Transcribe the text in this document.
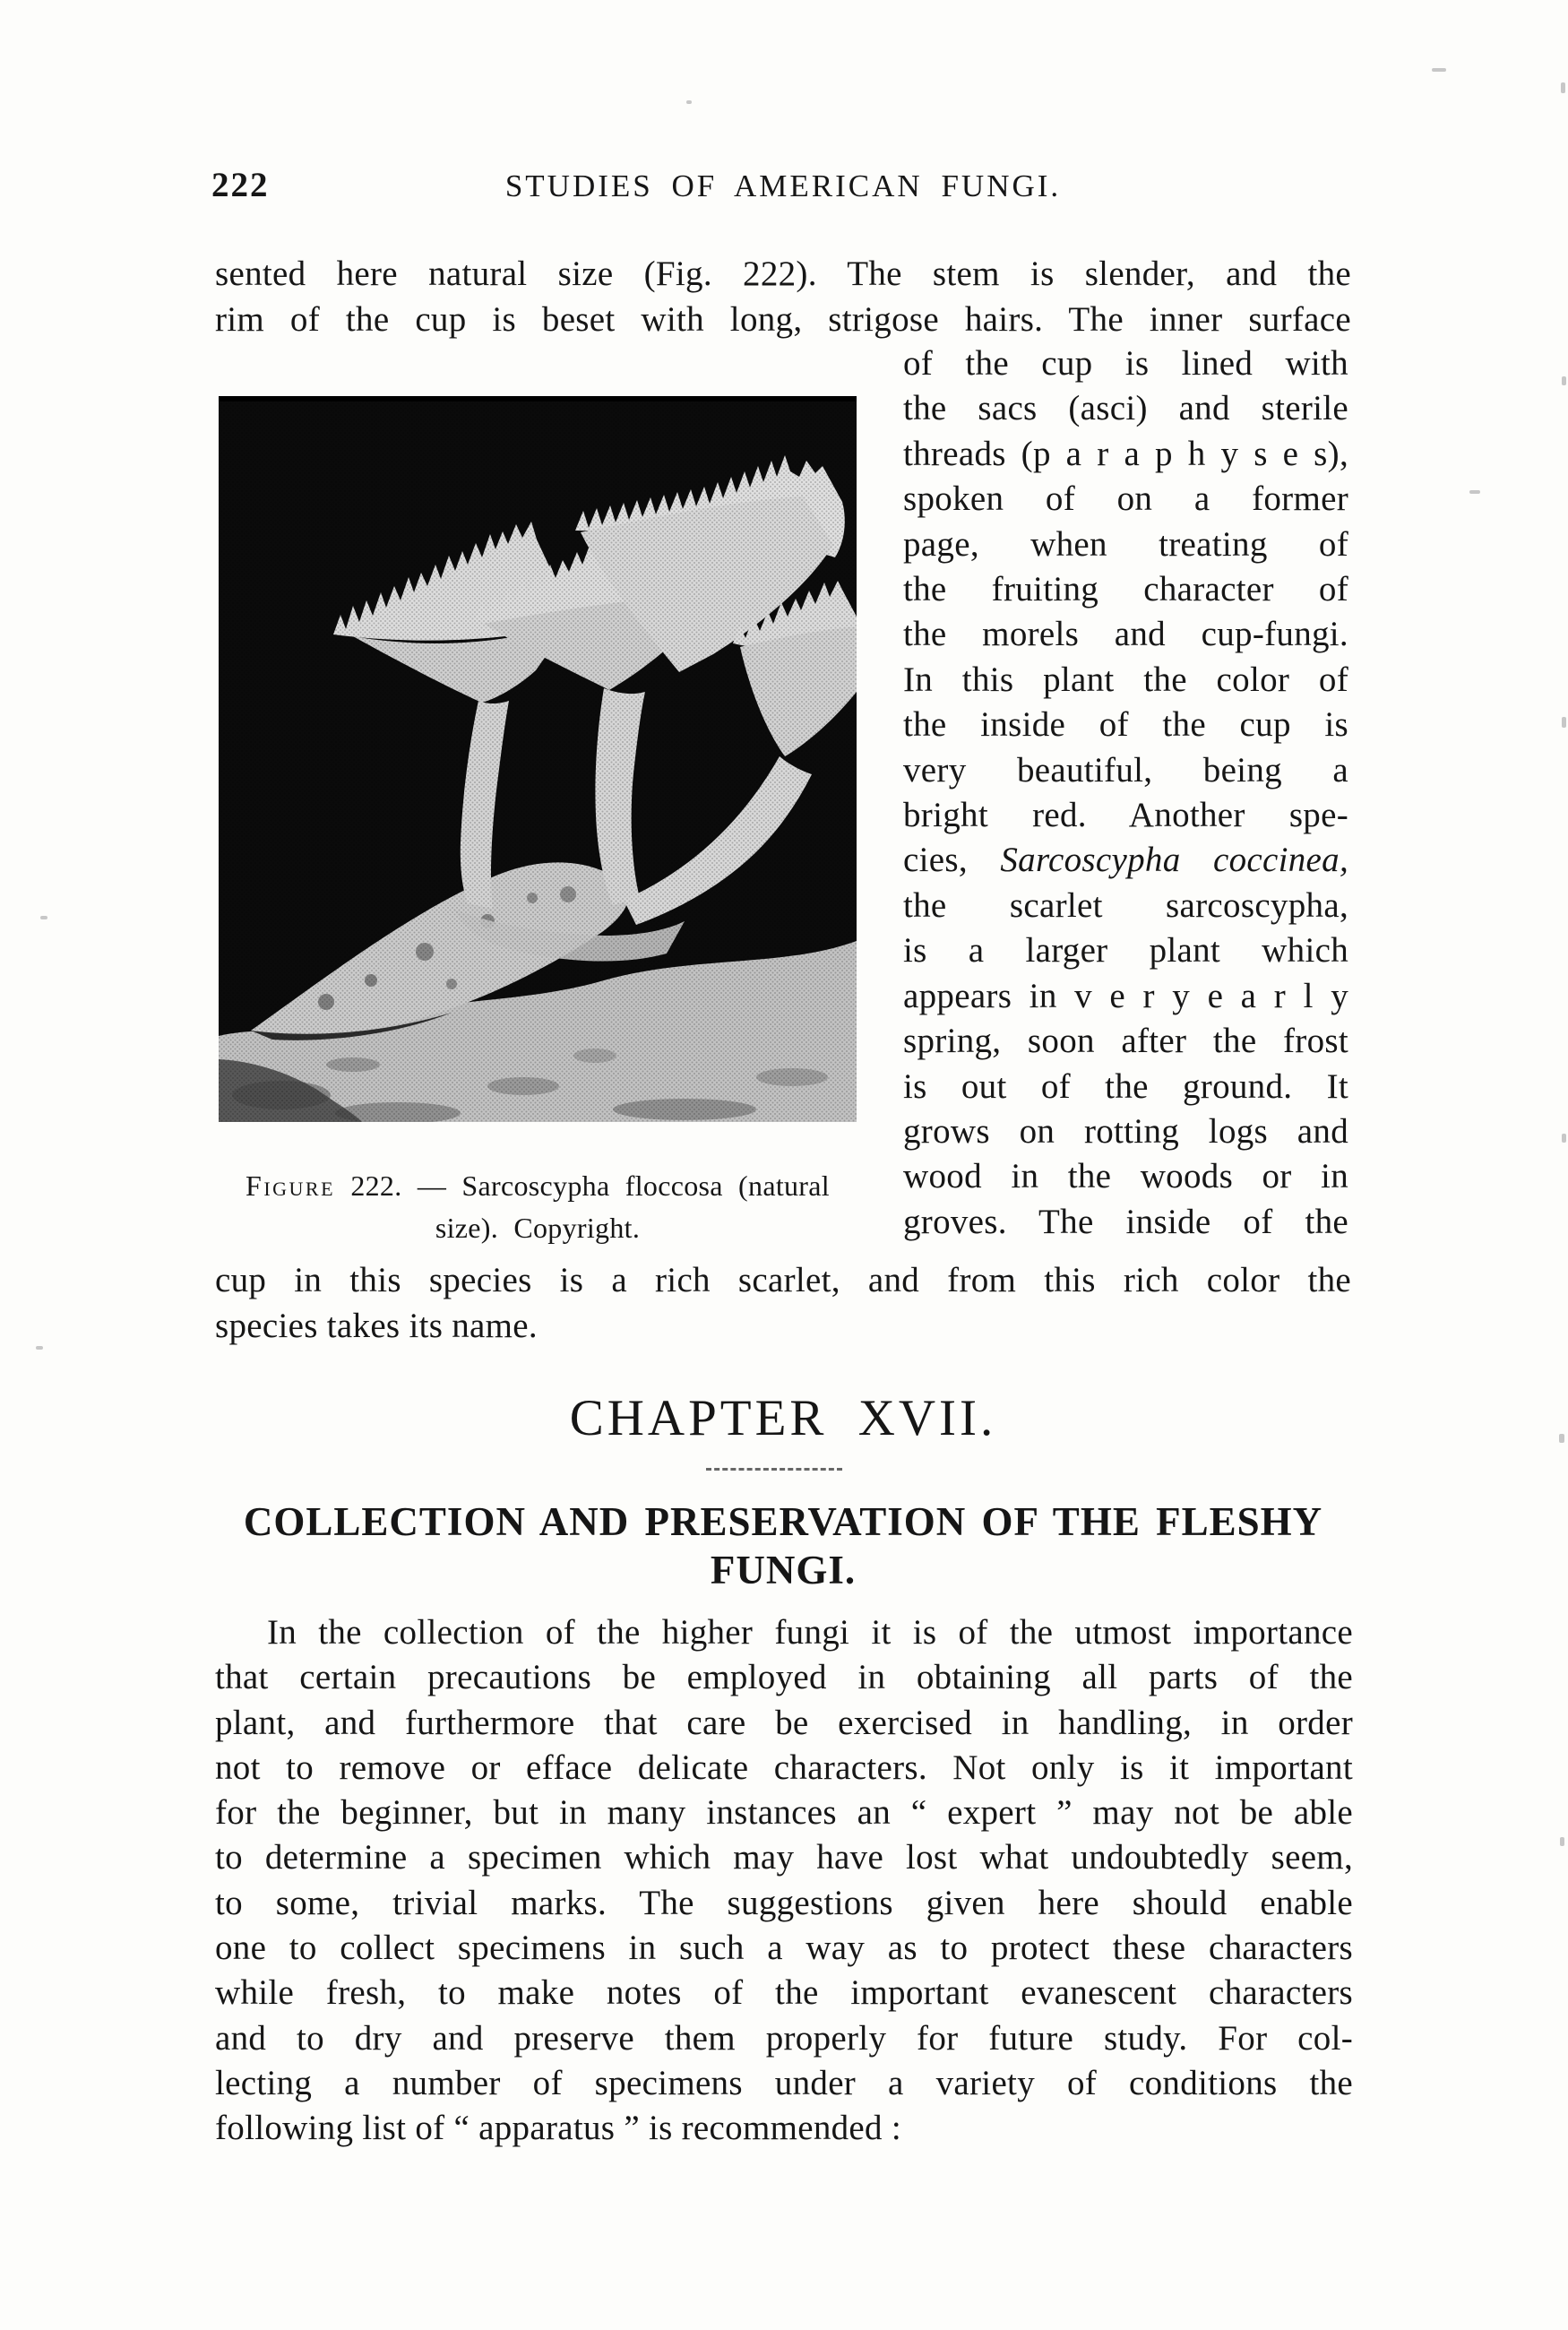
222	STUDIES OF AMERICAN FUNGI.
sented here natural size (Fig. 222). The stem is slender, and the
rim of the cup is beset with long, strigose hairs. The inner surface
of the cup is lined with
the sacs (asci) and sterile
threads (p a r a p h y s e s),
spoken of on a former
page, when treating of
the fruiting character of
the morels and cup-fungi.
In this plant the color of
the inside of the cup is
very beautiful, being a
bright red. Another spe-
cies, Sarcoscypha coccinea,
the scarlet sarcoscypha,
is a larger plant which
appears in v e r y e a r l y
spring, soon after the frost
is out of the ground. It
grows on rotting logs and
wood in the woods or in
groves. The inside of the
Figure 222. — Sarcoscypha floccosa (natural
size). Copyright.
cup in this species is a rich scarlet, and from this rich color the
species takes its name.
CHAPTER XVII.
COLLECTION AND PRESERVATION OF THE FLESHY
FUNGI.
In the collection of the higher fungi it is of the utmost importance
that certain precautions be employed in obtaining all parts of the
plant, and furthermore that care be exercised in handling, in order
not to remove or efface delicate characters. Not only is it important
for the beginner, but in many instances an “ expert ” may not be able
to determine a specimen which may have lost what undoubtedly seem,
to some, trivial marks. The suggestions given here should enable
one to collect specimens in such a way as to protect these characters
while fresh, to make notes of the important evanescent characters
and to dry and preserve them properly for future study. For col-
lecting a number of specimens under a variety of conditions the
following list of “ apparatus ” is recommended :
